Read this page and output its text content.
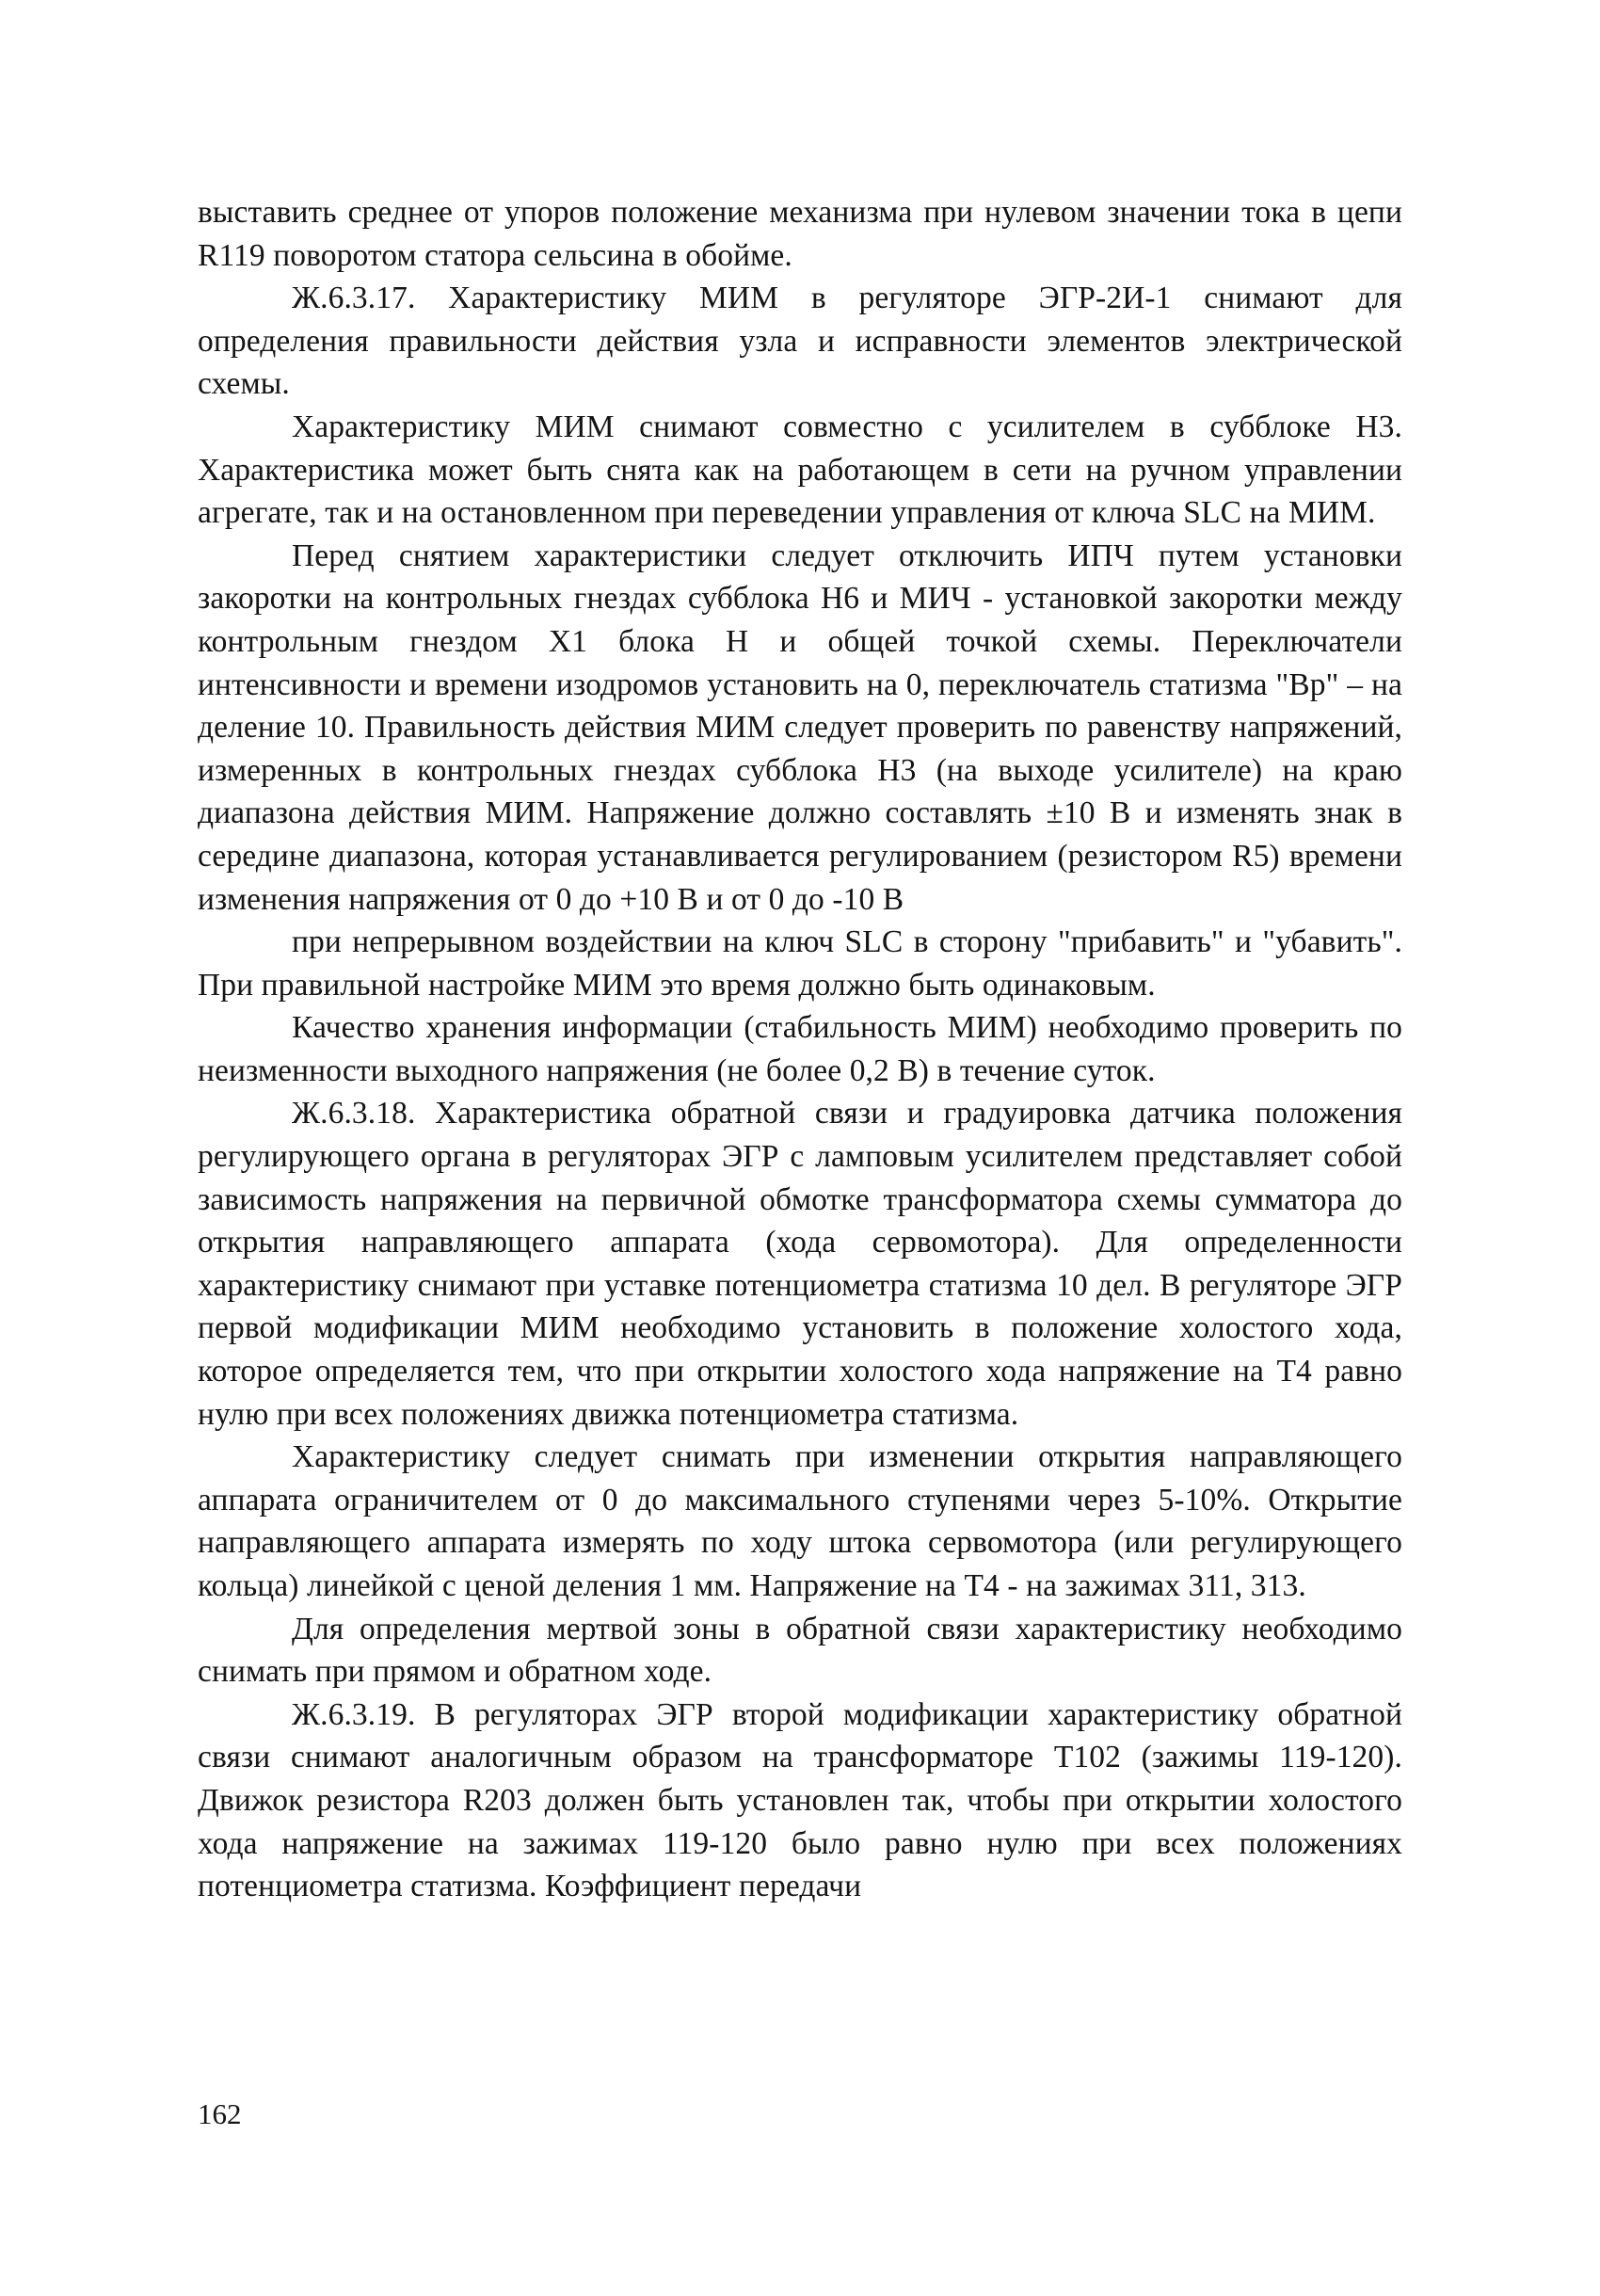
выставить среднее от упоров положение механизма при нулевом значении тока в цепи R119 поворотом статора сельсина в обойме.

Ж.6.3.17. Характеристику МИМ в регуляторе ЭГР-2И-1 снимают для определения правильности действия узла и исправности элементов электрической схемы.

Характеристику МИМ снимают совместно с усилителем в субблоке Н3. Характеристика может быть снята как на работающем в сети на ручном управлении агрегате, так и на остановленном при переведении управления от ключа SLC на МИМ.

Перед снятием характеристики следует отключить ИПЧ путем установки закоротки на контрольных гнездах субблока Н6 и МИЧ - установкой закоротки между контрольным гнездом X1 блока Н и общей точкой схемы. Переключатели интенсивности и времени изодромов установить на 0, переключатель статизма "Вр" – на деление 10. Правильность действия МИМ следует проверить по равенству напряжений, измеренных в контрольных гнездах субблока Н3 (на выходе усилителе) на краю диапазона действия МИМ. Напряжение должно составлять ±10 В и изменять знак в середине диапазона, которая устанавливается регулированием (резистором R5) времени изменения напряжения от 0 до +10 В и от 0 до -10 В

при непрерывном воздействии на ключ SLC в сторону "прибавить" и "убавить". При правильной настройке МИМ это время должно быть одинаковым.

Качество хранения информации (стабильность МИМ) необходимо проверить по неизменности выходного напряжения (не более 0,2 В) в течение суток.

Ж.6.3.18. Характеристика обратной связи и градуировка датчика положения регулирующего органа в регуляторах ЭГР с ламповым усилителем представляет собой зависимость напряжения на первичной обмотке трансформатора схемы сумматора до открытия направляющего аппарата (хода сервомотора). Для определенности характеристику снимают при уставке потенциометра статизма 10 дел. В регуляторе ЭГР первой модификации МИМ необходимо установить в положение холостого хода, которое определяется тем, что при открытии холостого хода напряжение на Т4 равно нулю при всех положениях движка потенциометра статизма.

Характеристику следует снимать при изменении открытия направляющего аппарата ограничителем от 0 до максимального ступенями через 5-10%. Открытие направляющего аппарата измерять по ходу штока сервомотора (или регулирующего кольца) линейкой с ценой деления 1 мм. Напряжение на Т4 - на зажимах 311, 313.

Для определения мертвой зоны в обратной связи характеристику необходимо снимать при прямом и обратном ходе.

Ж.6.3.19. В регуляторах ЭГР второй модификации характеристику обратной связи снимают аналогичным образом на трансформаторе Т102 (зажимы 119-120). Движок резистора R203 должен быть установлен так, чтобы при открытии холостого хода напряжение на зажимах 119-120 было равно нулю при всех положениях потенциометра статизма. Коэффициент передачи

162
